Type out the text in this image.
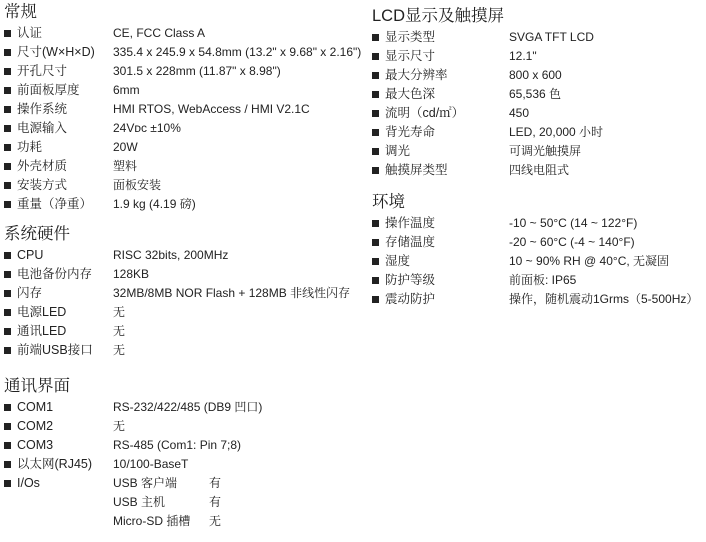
常规
认证	CE, FCC Class A
尺寸(W×H×D) 335.4 x 245.9 x 54.8mm (13.2" x 9.68" x 2.16")
开孔尺寸	301.5 x 228mm (11.87" x 8.98")
前面板厚度	6mm
操作系统	HMI RTOS, WebAccess / HMI V2.1C
电源输入	24Vᴅᴄ ±10%
功耗	20W
外壳材质	塑料
安装方式	面板安装
重量（净重） 1.9 kg (4.19 磅)
系统硬件
CPU	RISC 32bits, 200MHz
电池备份内存 128KB
闪存	32MB/8MB NOR Flash + 128MB 非线性闪存
电源LED	无
通讯LED	无
前端USB接口 无
通讯界面
COM1	RS-232/422/485 (DB9 凹口)
COM2	无
COM3	RS-485 (Com1: Pin 7;8)
以太网(RJ45) 10/100-BaseT
I/Os	USB 客户端	有
USB 主机	有
Micro-SD 插槽 无
LCD显示及触摸屏
显示类型	SVGA TFT LCD
显示尺寸	12.1"
最大分辨率	800 x 600
最大色深	65,536 色
流明（cd/㎡）	450
背光寿命	LED, 20,000 小时
调光	可调光触摸屏
触摸屏类型	四线电阻式
环境
操作温度	-10 ~ 50°C (14 ~ 122°F)
存储温度	-20 ~ 60°C (-4 ~ 140°F)
湿度	10 ~ 90% RH @ 40°C, 无凝固
防护等级	前面板: IP65
震动防护	操作，随机震动1Grms（5-500Hz）
